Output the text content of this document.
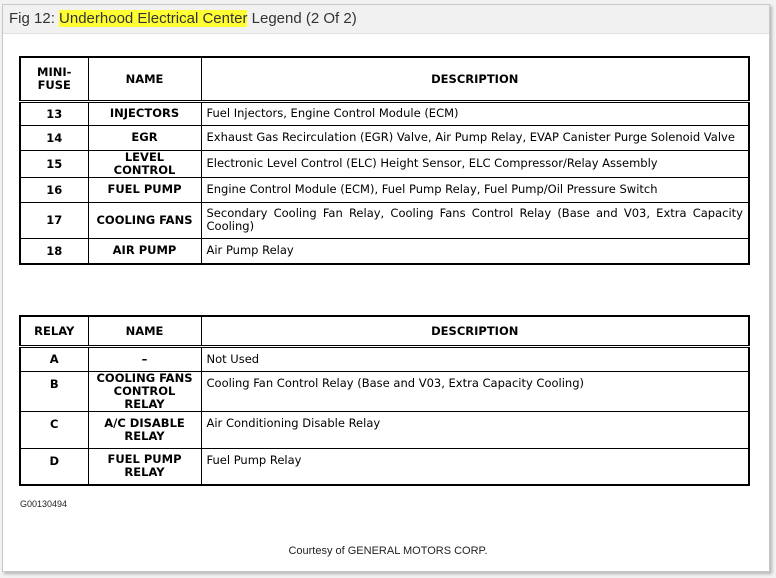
Fig 12: Underhood Electrical Center Legend (2 Of 2)
MINI-
FUSE	NAME	DESCRIPTION
13	INJECTORS	Fuel Injectors, Engine Control Module (ECM)
14	EGR	Exhaust Gas Recirculation (EGR) Valve, Air Pump Relay, EVAP Canister Purge Solenoid Valve
15	LEVEL CONTROL	Electronic Level Control (ELC) Height Sensor, ELC Compressor/Relay Assembly
16	FUEL PUMP	Engine Control Module (ECM), Fuel Pump Relay, Fuel Pump/Oil Pressure Switch
17	COOLING FANS	Secondary Cooling Fan Relay, Cooling Fans Control Relay (Base and V03, Extra Capacity Cooling)
18	AIR PUMP	Air Pump Relay
RELAY	NAME	DESCRIPTION
A	–	Not Used
B	COOLING FANS CONTROL RELAY	Cooling Fan Control Relay (Base and V03, Extra Capacity Cooling)
C	A/C DISABLE RELAY	Air Conditioning Disable Relay
D	FUEL PUMP RELAY	Fuel Pump Relay
G00130494
Courtesy of GENERAL MOTORS CORP.
